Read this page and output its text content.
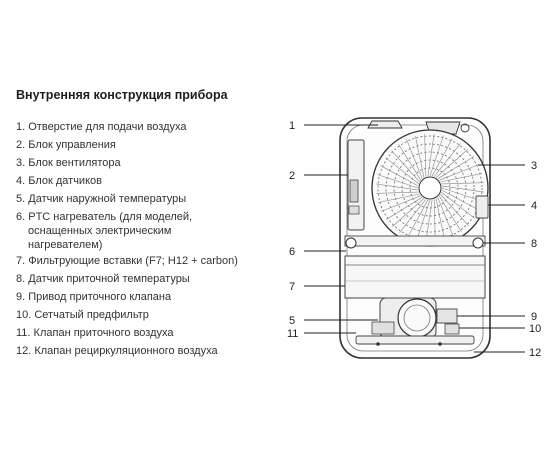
Внутренняя конструкция прибора
1. Отверстие для подачи воздуха
2. Блок управления
3. Блок вентилятора
4. Блок датчиков
5. Датчик наружной температуры
6. PTC нагреватель (для моделей,
оснащенных электрическим
нагревателем)
7. Фильтрующие вставки (F7; H12 + carbon)
8. Датчик приточной температуры
9. Привод приточного клапана
10. Сетчатый предфильтр
11. Клапан приточного воздуха
12. Клапан рециркуляционного воздуха
1
2
3
4
5
6
7
8
9
10
11
12
